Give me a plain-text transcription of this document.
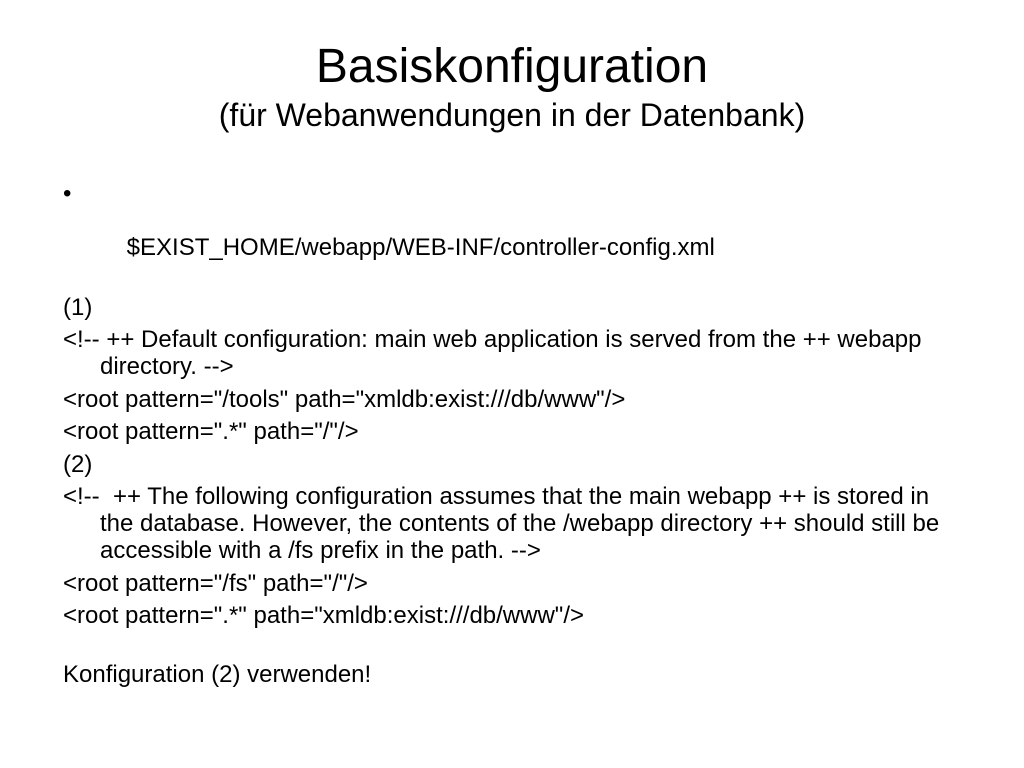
Basiskonfiguration
(für Webanwendungen in der Datenbank)

•

$EXIST_HOME/webapp/WEB-INF/controller-config.xml

(1)
<!-- ++ Default configuration: main web application is served from the ++ webapp directory. -->
<root pattern="/tools" path="xmldb:exist:///db/www"/>
<root pattern=".*" path="/"/>
(2)
<!--  ++ The following configuration assumes that the main webapp ++ is stored in the database. However, the contents of the /webapp directory ++ should still be accessible with a /fs prefix in the path. -->
<root pattern="/fs" path="/"/>
<root pattern=".*" path="xmldb:exist:///db/www"/>
Konfiguration (2) verwenden!
